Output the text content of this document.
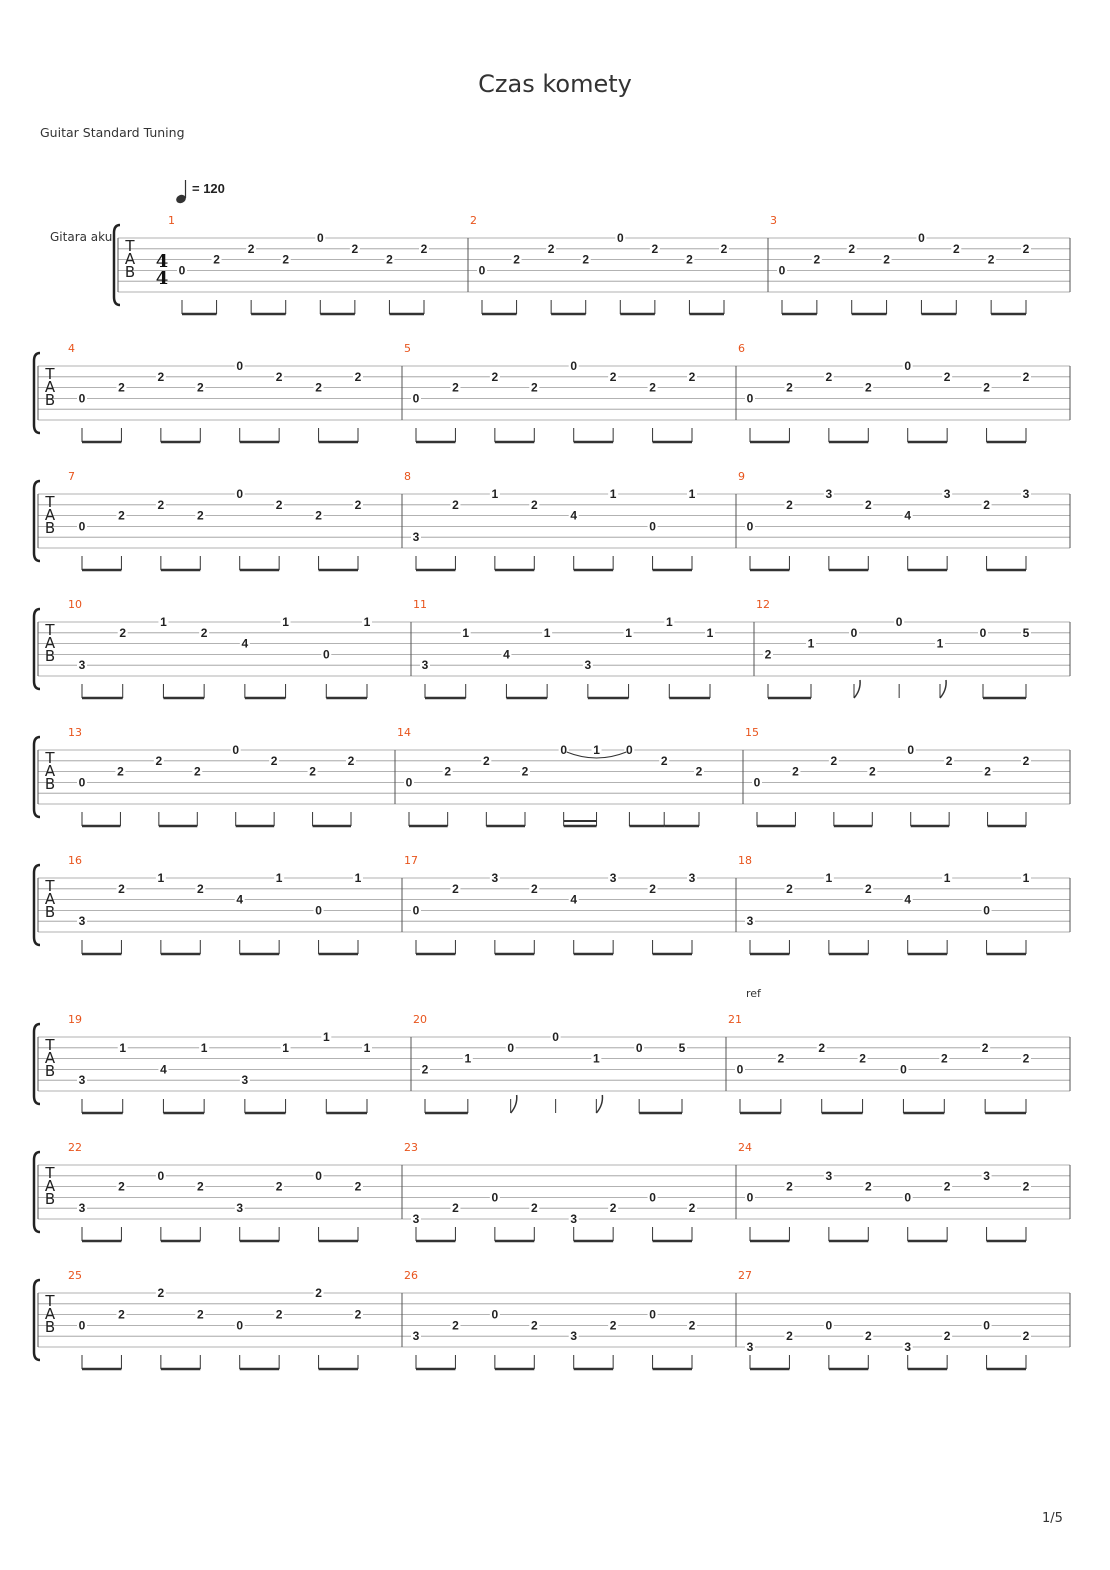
Czas komety
Guitar Standard Tuning
1/5
= 120
Gitara aku T
A
B 4
4
1
0
2
2
2
0
2
2
2
2
0
2
2
2
0
2
2
2
3
0
2
2
2
0
2
2
2
T
A
B
4
0
2
2
2
0
2
2
2
5
0
2
2
2
0
2
2
2
6
0
2
2
2
0
2
2
2
T
A
B
7
0
2
2
2
0
2
2
2
8
3
2
1
2
4
1
0
1
9
0
2
3
2
4
3
2
3
T
A
B
10
3
2
1
2
4
1
0
1
11
3
1
4
1
3
1
1
1
12
2
1
0
0
1
0	5
T
A
B
13
0
2
2
2
0
2
2
2
14
0
2
2
2
0 1 0
2
2
15
0
2
2
2
0
2
2
2
T
A
B
16
3
2
1
2
4
1
0
1
17
0
2
3
2
4
3
2
3
18
3
2
1
2
4
1
0
1
T
A
B
19
3
1
4
1
3
1
1
1
20
2
1
0
0
1
0	5
21
0
2
2
2
0
2
2
2
ref
T
A
B
22
3
2
0
2
3
2
0
2
23
3
2
0
2
3
2
0
2
24
0
2
3
2
0
2
3
2
T
A
B
25
0
2
2
2
0
2
2
2
26
3
2
0
2
3
2
0
2
27
3
2
0
2
3
2
0
2
